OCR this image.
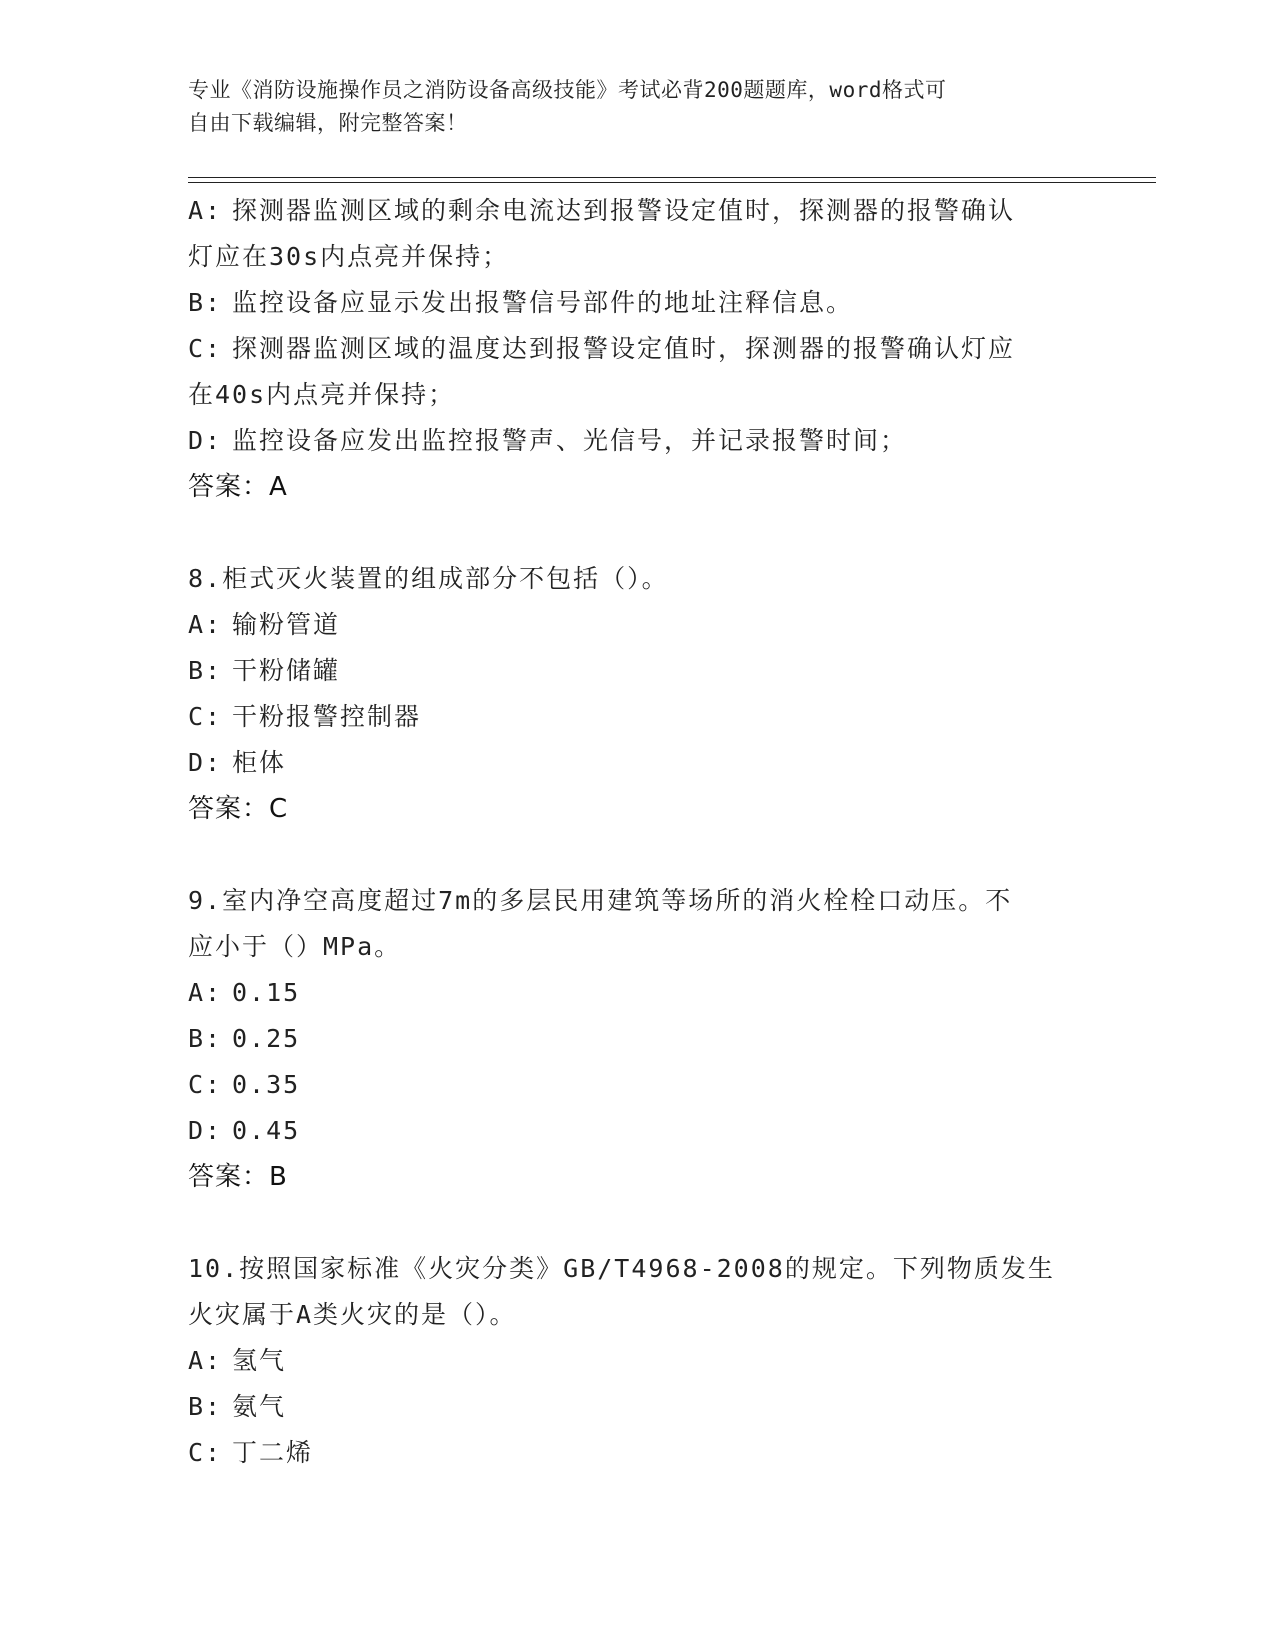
专业《消防设施操作员之消防设备高级技能》考试必背200题题库，word格式可
自由下载编辑，附完整答案！

A: 探测器监测区域的剩余电流达到报警设定值时，探测器的报警确认

灯应在30s内点亮并保持；

B: 监控设备应显示发出报警信号部件的地址注释信息。

C: 探测器监测区域的温度达到报警设定值时，探测器的报警确认灯应

在40s内点亮并保持；

D: 监控设备应发出监控报警声、光信号，并记录报警时间；

答案：A

8.柜式灭火装置的组成部分不包括（）。

A: 输粉管道

B: 干粉储罐

C: 干粉报警控制器

D: 柜体

答案：C

9.室内净空高度超过7m的多层民用建筑等场所的消火栓栓口动压。不

应小于（）MPa。

A: 0.15

B: 0.25

C: 0.35

D: 0.45

答案：B

10.按照国家标准《火灾分类》GB/T4968-2008的规定。下列物质发生

火灾属于A类火灾的是（）。

A: 氢气

B: 氨气

C: 丁二烯
